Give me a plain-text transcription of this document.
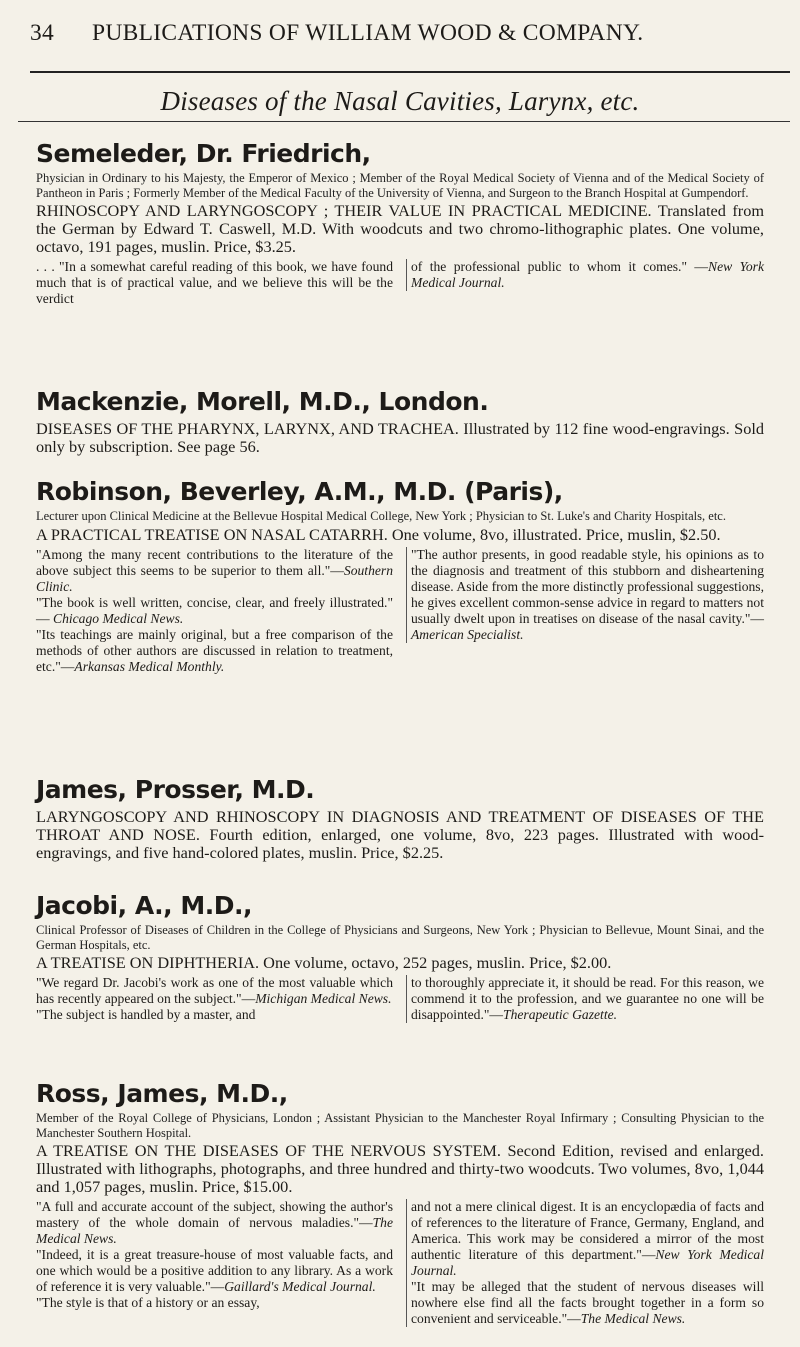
34 PUBLICATIONS OF WILLIAM WOOD & COMPANY.
Diseases of the Nasal Cavities, Larynx, etc.
Semeleder, Dr. Friedrich,

Physician in Ordinary to his Majesty, the Emperor of Mexico ; Member of the Royal Medical Society of Vienna and of the Medical Society of Pantheon in Paris ; Formerly Member of the Medical Faculty of the University of Vienna, and Surgeon to the Branch Hospital at Gumpendorf.

RHINOSCOPY AND LARYNGOSCOPY ; THEIR VALUE IN PRACTICAL MEDICINE. Translated from the German by Edward T. Caswell, M.D. With woodcuts and two chromo-lithographic plates. One volume, octavo, 191 pages, muslin. Price, $3.25.

. . . "In a somewhat careful reading of this book, we have found much that is of practical value, and we believe this will be the verdict

of the professional public to whom it comes." —New York Medical Journal.

Mackenzie, Morell, M.D., London.

DISEASES OF THE PHARYNX, LARYNX, AND TRACHEA. Illustrated by 112 fine wood-engravings. Sold only by subscription. See page 56.

Robinson, Beverley, A.M., M.D. (Paris),

Lecturer upon Clinical Medicine at the Bellevue Hospital Medical College, New York ; Physician to St. Luke's and Charity Hospitals, etc.

A PRACTICAL TREATISE ON NASAL CATARRH. One volume, 8vo, illustrated. Price, muslin, $2.50.

"Among the many recent contributions to the literature of the above subject this seems to be superior to them all."—Southern Clinic.

"The book is well written, concise, clear, and freely illustrated." — Chicago Medical News.

"Its teachings are mainly original, but a free comparison of the methods of other authors are discussed in relation to treatment, etc."—Arkansas Medical Monthly.

"The author presents, in good readable style, his opinions as to the diagnosis and treatment of this stubborn and disheartening disease. Aside from the more distinctly professional suggestions, he gives excellent common-sense advice in regard to matters not usually dwelt upon in treatises on disease of the nasal cavity."—American Specialist.

James, Prosser, M.D.

LARYNGOSCOPY AND RHINOSCOPY IN DIAGNOSIS AND TREATMENT OF DISEASES OF THE THROAT AND NOSE. Fourth edition, enlarged, one volume, 8vo, 223 pages. Illustrated with wood-engravings, and five hand-colored plates, muslin. Price, $2.25.

Jacobi, A., M.D.,

Clinical Professor of Diseases of Children in the College of Physicians and Surgeons, New York ; Physician to Bellevue, Mount Sinai, and the German Hospitals, etc.

A TREATISE ON DIPHTHERIA. One volume, octavo, 252 pages, muslin. Price, $2.00.

"We regard Dr. Jacobi's work as one of the most valuable which has recently appeared on the subject."—Michigan Medical News.

"The subject is handled by a master, and

to thoroughly appreciate it, it should be read. For this reason, we commend it to the profession, and we guarantee no one will be disappointed."—Therapeutic Gazette.

Ross, James, M.D.,

Member of the Royal College of Physicians, London ; Assistant Physician to the Manchester Royal Infirmary ; Consulting Physician to the Manchester Southern Hospital.

A TREATISE ON THE DISEASES OF THE NERVOUS SYSTEM. Second Edition, revised and enlarged. Illustrated with lithographs, photographs, and three hundred and thirty-two woodcuts. Two volumes, 8vo, 1,044 and 1,057 pages, muslin. Price, $15.00.

"A full and accurate account of the subject, showing the author's mastery of the whole domain of nervous maladies."—The Medical News.

"Indeed, it is a great treasure-house of most valuable facts, and one which would be a positive addition to any library. As a work of reference it is very valuable."—Gaillard's Medical Journal.

"The style is that of a history or an essay,

and not a mere clinical digest. It is an encyclopædia of facts and of references to the literature of France, Germany, England, and America. This work may be considered a mirror of the most authentic literature of this department."—New York Medical Journal.

"It may be alleged that the student of nervous diseases will nowhere else find all the facts brought together in a form so convenient and serviceable."—The Medical News.
